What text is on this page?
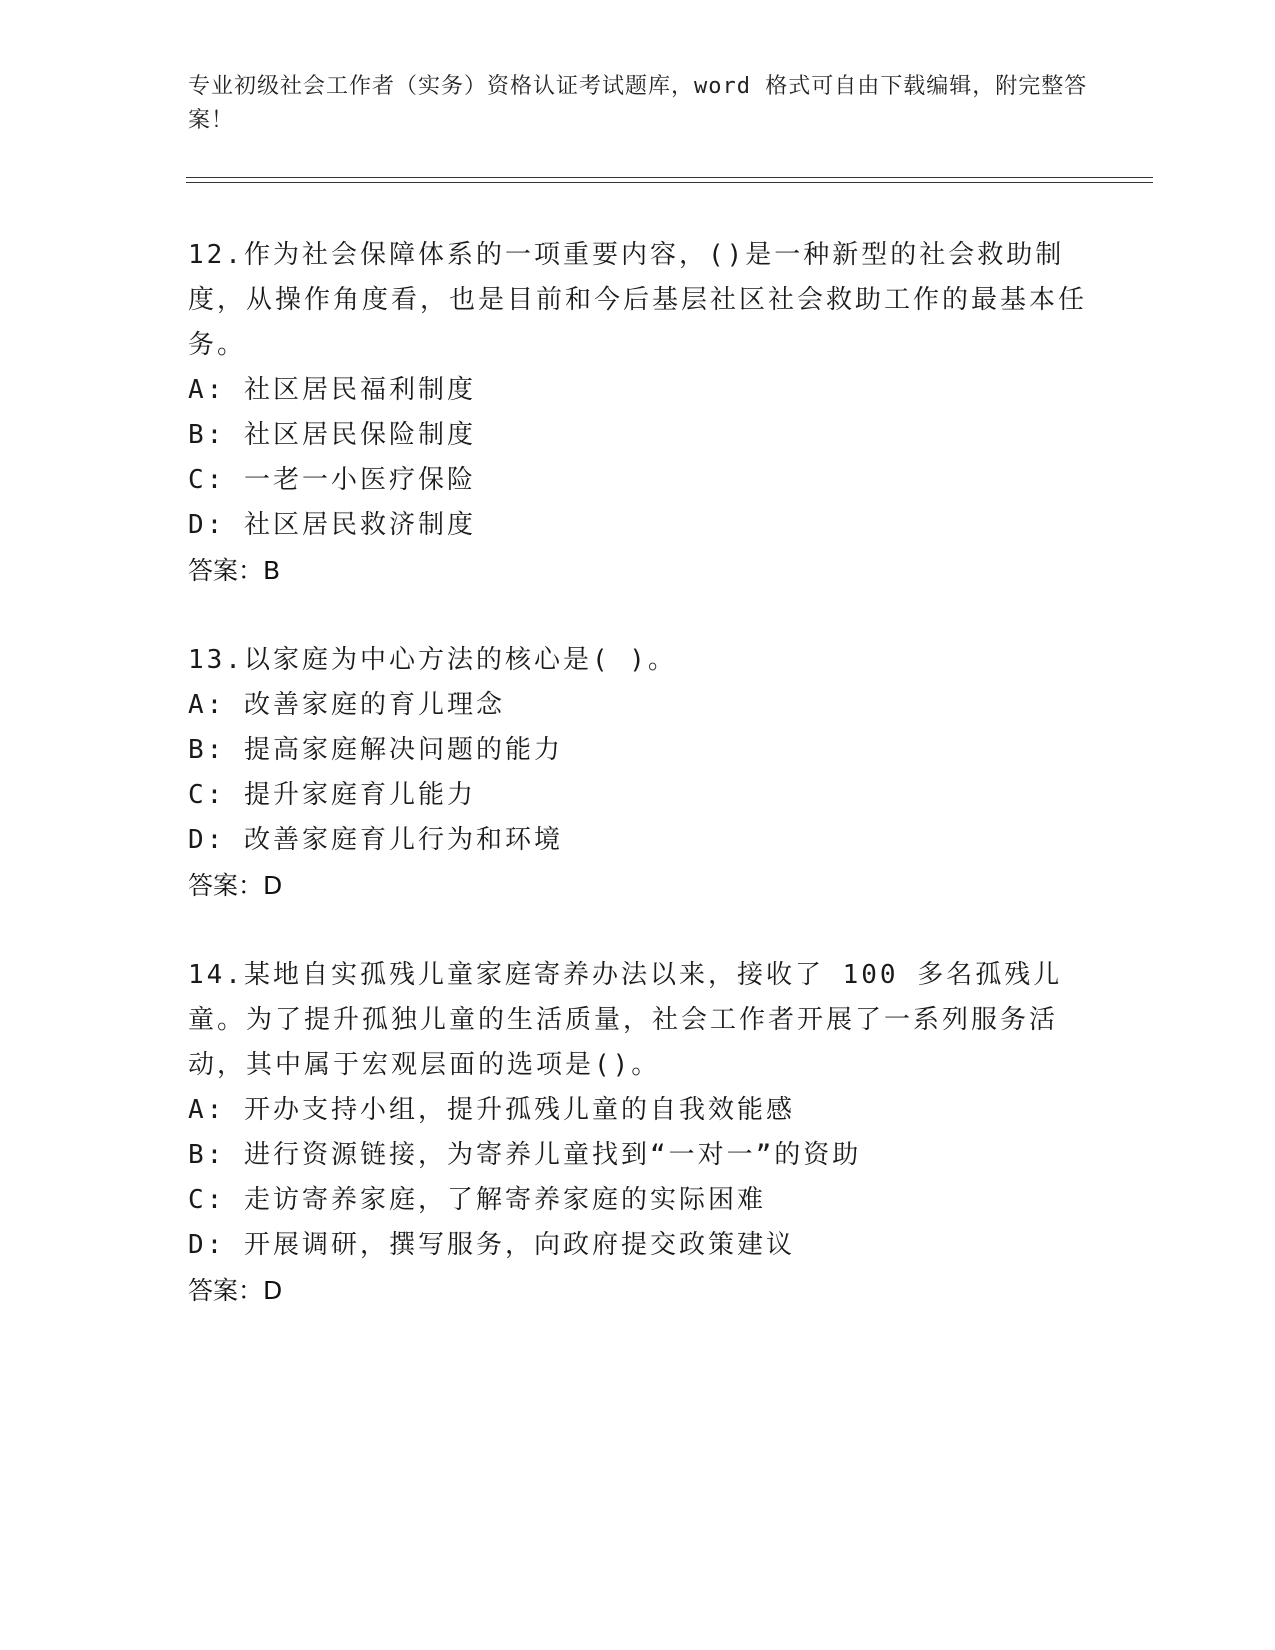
专业初级社会工作者（实务）资格认证考试题库，word 格式可自由下载编辑，附完整答案！
12.作为社会保障体系的一项重要内容，()是一种新型的社会救助制度，从操作角度看，也是目前和今后基层社区社会救助工作的最基本任务。
A:
社区居民福利制度
B:
社区居民保险制度
C:
一老一小医疗保险
D:
社区居民救济制度
答案：B
13.以家庭为中心方法的核心是( )。
A:
改善家庭的育儿理念
B:
提高家庭解决问题的能力
C:
提升家庭育儿能力
D:
改善家庭育儿行为和环境
答案：D
14.某地自实孤残儿童家庭寄养办法以来，接收了 100 多名孤残儿童。为了提升孤独儿童的生活质量，社会工作者开展了一系列服务活动，其中属于宏观层面的选项是()。
A:
开办支持小组，提升孤残儿童的自我效能感
B:
进行资源链接，为寄养儿童找到“一对一”的资助
C:
走访寄养家庭，了解寄养家庭的实际困难
D:
开展调研，撰写服务，向政府提交政策建议
答案：D
